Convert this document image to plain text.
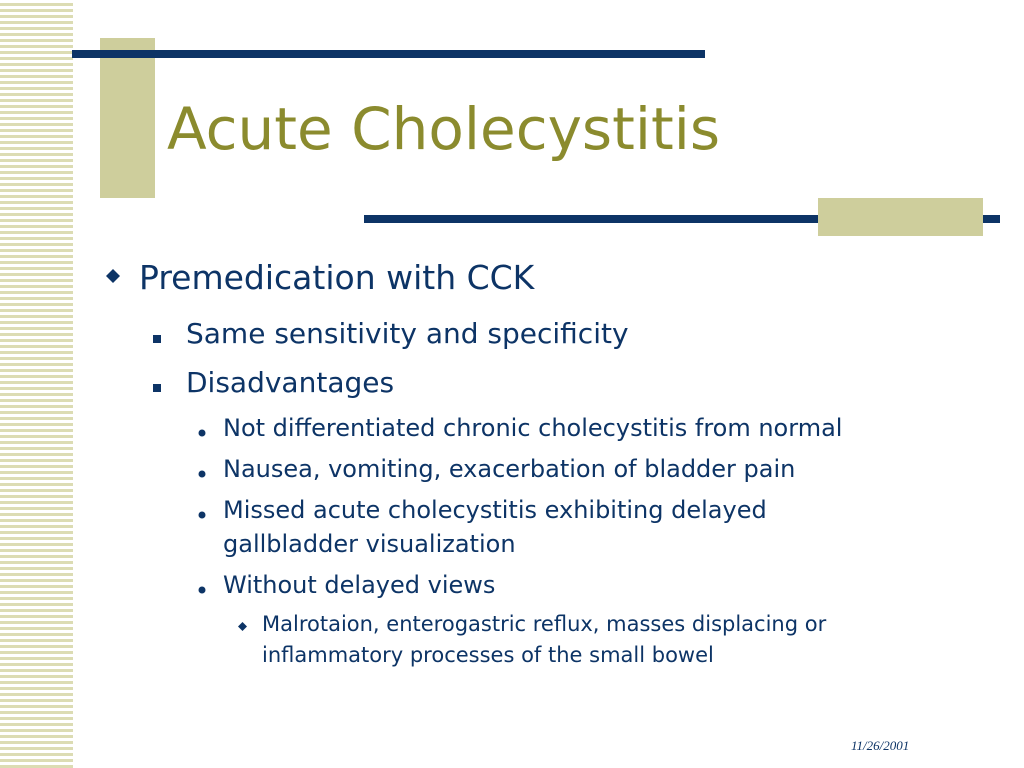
Acute Cholecystitis
Premedication with CCK
Same sensitivity and specificity
Disadvantages
Not differentiated chronic cholecystitis from normal
Nausea, vomiting, exacerbation of bladder pain
Missed acute cholecystitis exhibiting delayed
gallbladder visualization
Without delayed views
Malrotaion, enterogastric reflux, masses displacing or
inflammatory processes of the small bowel
11/26/2001
